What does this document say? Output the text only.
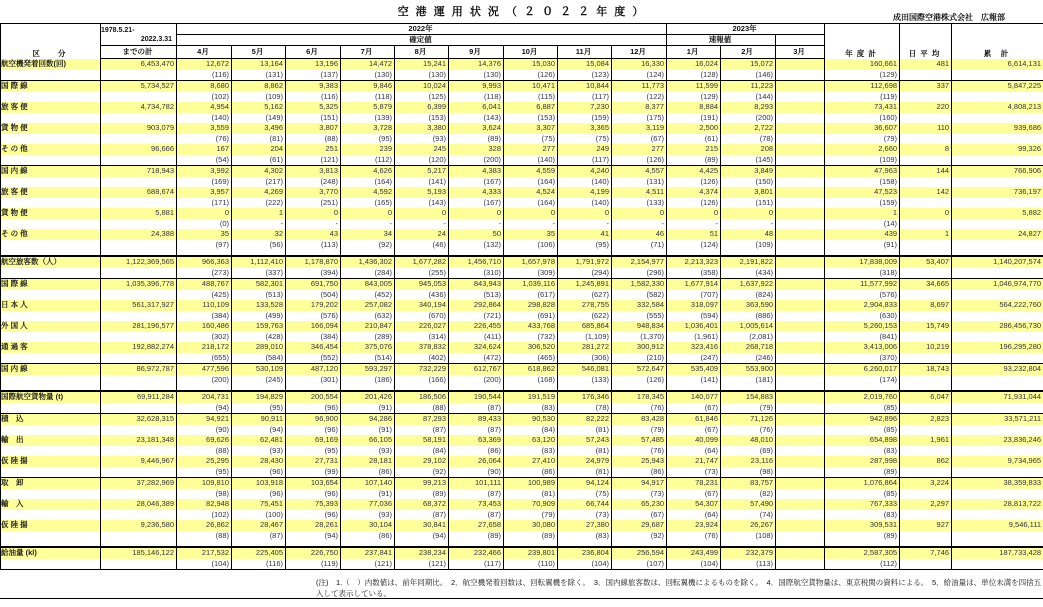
空 港 運 用 状 況 （ ２ ０ ２ ２ 年 度 ）	成田国際空港株式会社　広報部
区　　分	1978.5.21-
2022.3.31	2022年									2023年			年 度 計	日 平 均	累　計
		確定値									速報値					
	までの計	4月	5月	6月	7月	8月	9月	10月	11月	12月	1月	2月	3月			
航空機発着回数(回)	6,453,470	12,672	13,164	13,196	14,472	15,241	14,376	15,030	15,084	16,330	16,024	15,072		160,661	481	6,614,131
		(116)	(131)	(137)	(130)	(130)	(130)	(126)	(123)	(124)	(128)	(146)		(129)		
国 際 線	5,734,527	8,680	8,862	9,383	9,846	10,024	9,993	10,471	10,844	11,773	11,599	11,223		112,698	337	5,847,225
		(102)	(109)	(116)	(118)	(125)	(118)	(115)	(117)	(122)	(129)	(144)		(119)		
旅 客 便	4,734,782	4,954	5,162	5,325	5,879	6,399	6,041	6,887	7,230	8,377	8,884	8,293		73,431	220	4,808,213
		(140)	(149)	(151)	(139)	(153)	(143)	(153)	(159)	(175)	(191)	(200)		(160)		
貨 物 便	903,079	3,559	3,496	3,807	3,728	3,380	3,624	3,307	3,365	3,119	2,500	2,722		36,607	110	939,686
		(76)	(81)	(88)	(95)	(93)	(89)	(75)	(75)	(67)	(61)	(78)		(79)		
そ の 他	96,666	167	204	251	239	245	328	277	249	277	215	208		2,660	8	99,326
		(54)	(61)	(121)	(112)	(120)	(200)	(140)	(117)	(126)	(89)	(145)		(109)		
国 内 線	718,943	3,992	4,302	3,813	4,626	5,217	4,383	4,559	4,240	4,557	4,425	3,849		47,963	144	766,906
		(169)	(217)	(248)	(164)	(141)	(167)	(164)	(140)	(131)	(126)	(150)		(158)		
旅 客 便	688,674	3,957	4,269	3,770	4,592	5,193	4,333	4,524	4,199	4,511	4,374	3,801		47,523	142	736,197
		(171)	(222)	(251)	(165)	(143)	(167)	(164)	(140)	(133)	(126)	(151)		(159)		
貨 物 便	5,881	0	1	0	0	0	0	0	0	0	0	0		1	0	5,882
		(0)	-	-	-	-	-	-	-	-	-	-		(14)		
そ の 他	24,388	35	32	43	34	24	50	35	41	46	51	48		439	1	24,827
		(97)	(56)	(113)	(92)	(46)	(132)	(106)	(95)	(71)	(124)	(109)		(91)		

航空旅客数（人）	1,122,369,565	966,363	1,112,410	1,178,870	1,436,302	1,677,282	1,456,710	1,657,978	1,791,972	2,154,977	2,213,323	2,191,822		17,838,009	53,407	1,140,207,574
		(273)	(337)	(394)	(284)	(255)	(310)	(309)	(294)	(296)	(358)	(434)		(318)		
国 際 線	1,035,396,778	488,767	582,301	691,750	843,005	945,053	843,943	1,039,116	1,245,891	1,582,330	1,677,914	1,637,922		11,577,992	34,665	1,046,974,770
		(425)	(513)	(504)	(452)	(436)	(513)	(617)	(627)	(582)	(707)	(824)		(576)		
日 本 人	561,317,927	110,109	133,528	179,202	257,082	340,194	292,864	298,828	278,755	332,584	318,097	363,590		2,904,833	8,697	564,222,760
		(384)	(499)	(576)	(632)	(670)	(721)	(691)	(622)	(555)	(594)	(886)		(630)		
外 国 人	281,196,577	160,486	159,763	166,094	210,847	226,027	226,455	433,768	685,864	948,834	1,036,401	1,005,614		5,260,153	15,749	286,456,730
		(302)	(428)	(384)	(289)	(314)	(411)	(732)	(1,109)	(1,370)	(1,961)	(2,081)		(841)		
通 過 客	192,882,274	218,172	289,010	346,454	375,076	378,832	324,624	306,520	281,272	300,912	323,416	268,718		3,413,006	10,219	196,295,280
		(655)	(584)	(552)	(514)	(402)	(472)	(465)	(306)	(210)	(247)	(246)		(370)		
国 内 線	86,972,787	477,596	530,109	487,120	593,297	732,229	612,767	618,862	546,081	572,647	535,409	553,900		6,260,017	18,743	93,232,804
		(200)	(245)	(301)	(186)	(166)	(200)	(168)	(133)	(126)	(141)	(181)		(174)		

国際航空貨物量 (t)	69,911,284	204,731	194,829	200,554	201,426	186,506	190,544	191,519	176,346	178,345	140,077	154,883		2,019,760	6,047	71,931,044
		(94)	(95)	(96)	(91)	(88)	(87)	(83)	(78)	(76)	(67)	(79)		(85)		
積　込	32,628,315	94,921	90,911	96,900	94,286	87,293	89,433	90,530	82,222	83,428	61,846	71,126		942,896	2,823	33,571,211
		(90)	(94)	(96)	(91)	(87)	(87)	(84)	(81)	(79)	(67)	(76)		(85)		
輸　出	23,181,348	69,626	62,481	69,169	66,105	58,191	63,369	63,120	57,243	57,485	40,099	48,010		654,898	1,961	23,836,246
		(88)	(93)	(95)	(93)	(84)	(86)	(83)	(81)	(76)	(64)	(69)		(83)		
仮 陸 揚	9,446,967	25,295	28,430	27,731	28,181	29,102	26,064	27,410	24,979	25,943	21,747	23,116		287,998	862	9,734,965
		(95)	(96)	(99)	(86)	(92)	(90)	(86)	(81)	(86)	(73)	(98)		(89)		
取　卸	37,282,969	109,810	103,918	103,654	107,140	99,213	101,111	100,989	94,124	94,917	78,231	83,757		1,076,864	3,224	38,359,833
		(98)	(96)	(96)	(91)	(89)	(87)	(81)	(75)	(73)	(67)	(82)		(85)		
輸　入	28,046,389	82,948	75,451	75,393	77,036	68,372	73,453	70,909	66,744	65,230	54,307	57,490		767,333	2,297	28,813,722
		(102)	(100)	(96)	(93)	(87)	(87)	(79)	(73)	(67)	(64)	(74)		(83)		
仮 陸 揚	9,236,580	26,862	28,467	28,261	30,104	30,841	27,658	30,080	27,380	29,687	23,924	26,267		309,531	927	9,546,111
		(88)	(87)	(94)	(86)	(94)	(89)	(89)	(83)	(92)	(76)	(108)		(89)		

給油量 (kl)	185,146,122	217,532	225,405	226,750	237,841	238,234	232,466	239,801	236,804	256,594	243,499	232,379		2,587,305	7,746	187,733,428
		(104)	(116)	(119)	(121)	(121)	(117)	(110)	(104)	(107)	(104)	(113)		(112)		
(注)　1.（　）内数値は、前年同期比。　2．航空機発着回数は、回転翼機を除く。　3．国内線旅客数は、回転翼機によるものを除く。　4．国際航空貨物量は、東京税関の資料による。　5．給油量は、単位未満を四捨五入して表示している。
